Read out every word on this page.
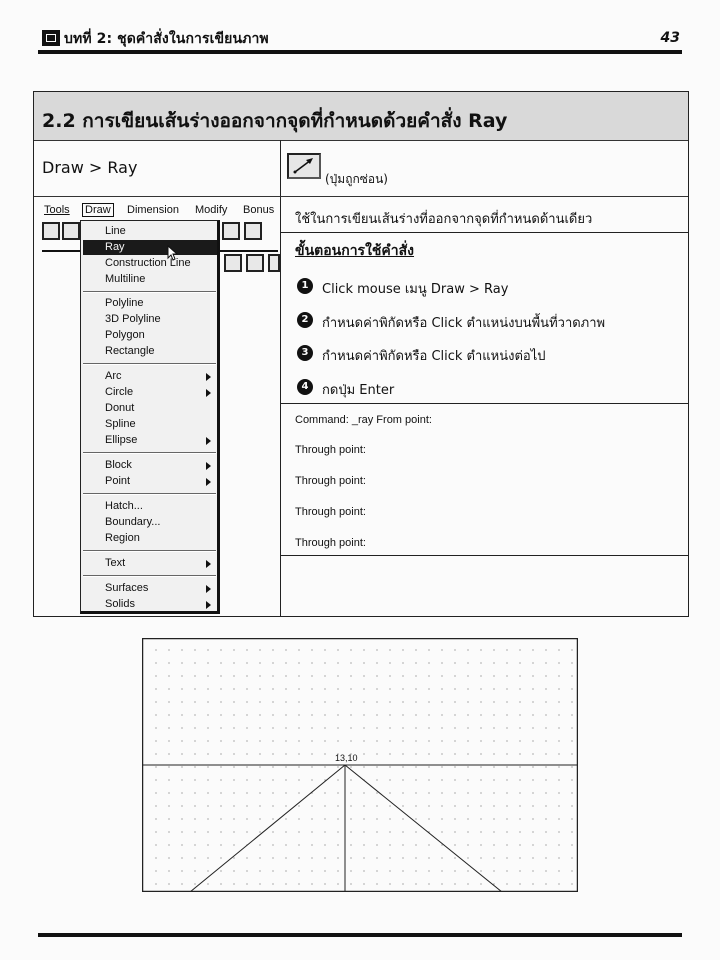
บทที่ 2: ชุดคำสั่งในการเขียนภาพ	43
2.2 การเขียนเส้นร่างออกจากจุดที่กำหนดด้วยคำสั่ง Ray
Draw > Ray
(ปุ่มถูกซ่อน)
Tools Draw Dimension Modify Bonus
Line
Ray
Construction Line
Multiline
Polyline
3D Polyline
Polygon
Rectangle
Arc
Circle
Donut
Spline
Ellipse
Block
Point
Hatch...
Boundary...
Region
Text
Surfaces
Solids
ใช้ในการเขียนเส้นร่างที่ออกจากจุดที่กำหนดด้านเดียว
ขั้นตอนการใช้คำสั่ง
1	Click mouse เมนู Draw > Ray
2	กำหนดค่าพิกัดหรือ Click ตำแหน่งบนพื้นที่วาดภาพ
3	กำหนดค่าพิกัดหรือ Click ตำแหน่งต่อไป
4	กดปุ่ม Enter
Command: _ray From point:
Through point:
Through point:
Through point:
Through point:
13,10
